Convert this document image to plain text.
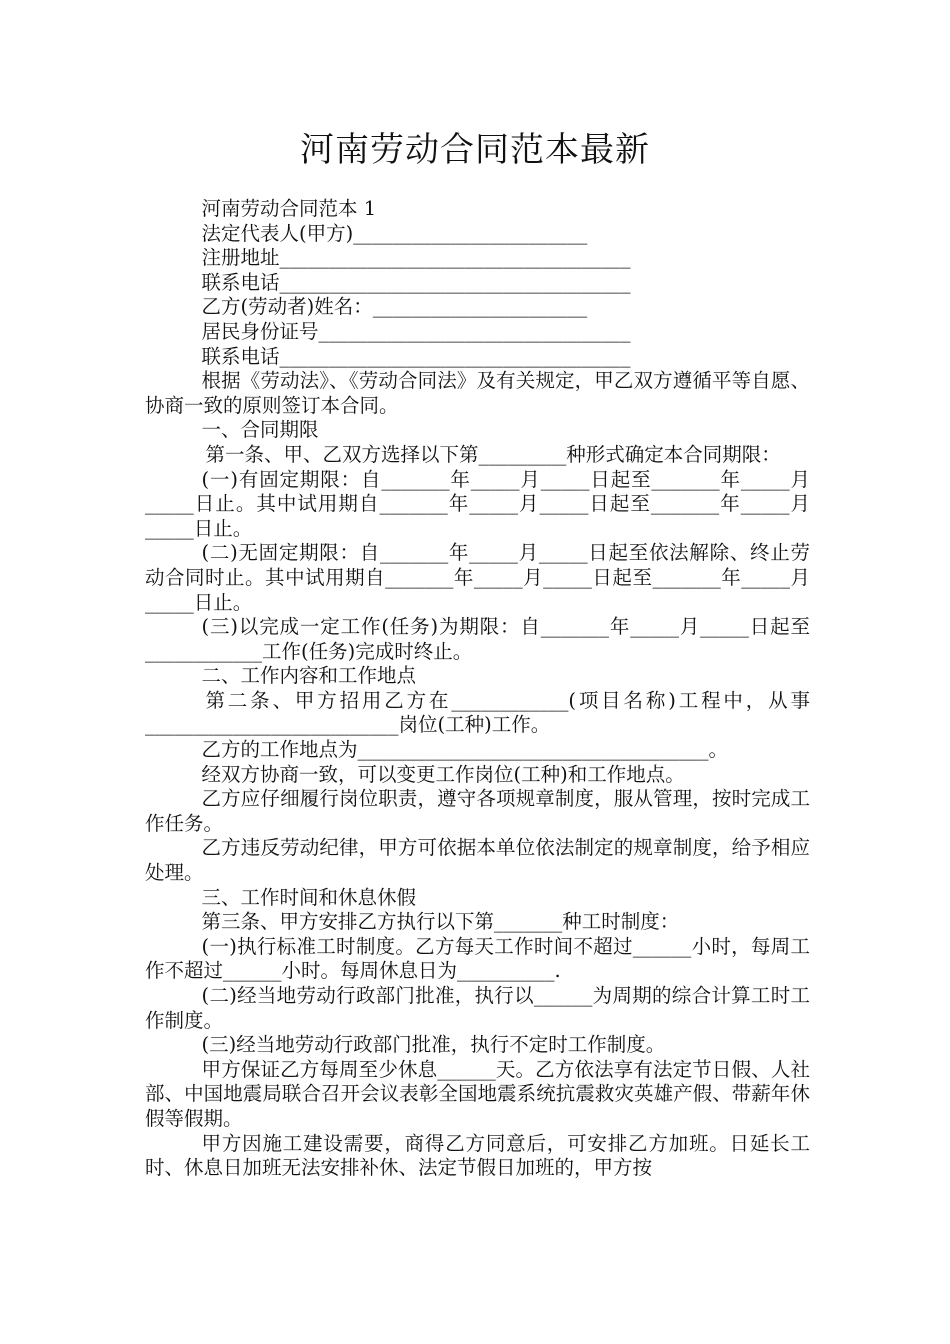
河南劳动合同范本最新

河南劳动合同范本 1

法定代表人(甲方)________________________

注册地址____________________________________

联系电话____________________________________

乙方(劳动者)姓名：______________________

居民身份证号________________________________

联系电话____________________________________

根据《劳动法》、《劳动合同法》及有关规定，甲乙双方遵循平等自愿、协商一致的原则签订本合同。

一、合同期限

第一条、甲、乙双方选择以下第_________种形式确定本合同期限：

(一)有固定期限：自_______年_____月_____日起至_______年_____月_____日止。其中试用期自_______年_____月_____日起至_______年_____月_____日止。

(二)无固定期限：自_______年_____月_____日起至依法解除、终止劳动合同时止。其中试用期自_______年_____月_____日起至_______年_____月_____日止。

(三)以完成一定工作(任务)为期限：自_______年_____月_____日起至____________工作(任务)完成时终止。

二、工作内容和工作地点

第二条、甲方招用乙方在____________(项目名称)工程中，从事__________________________岗位(工种)工作。

乙方的工作地点为____________________________________。

经双方协商一致，可以变更工作岗位(工种)和工作地点。

乙方应仔细履行岗位职责，遵守各项规章制度，服从管理，按时完成工作任务。

乙方违反劳动纪律，甲方可依据本单位依法制定的规章制度，给予相应处理。

三、工作时间和休息休假

第三条、甲方安排乙方执行以下第_______种工时制度：

(一)执行标准工时制度。乙方每天工作时间不超过______小时，每周工作不超过______小时。每周休息日为__________.

(二)经当地劳动行政部门批准，执行以______为周期的综合计算工时工作制度。

(三)经当地劳动行政部门批准，执行不定时工作制度。

甲方保证乙方每周至少休息______天。乙方依法享有法定节日假、人社部、中国地震局联合召开会议表彰全国地震系统抗震救灾英雄产假、带薪年休假等假期。

甲方因施工建设需要，商得乙方同意后，可安排乙方加班。日延长工时、休息日加班无法安排补休、法定节假日加班的，甲方按
